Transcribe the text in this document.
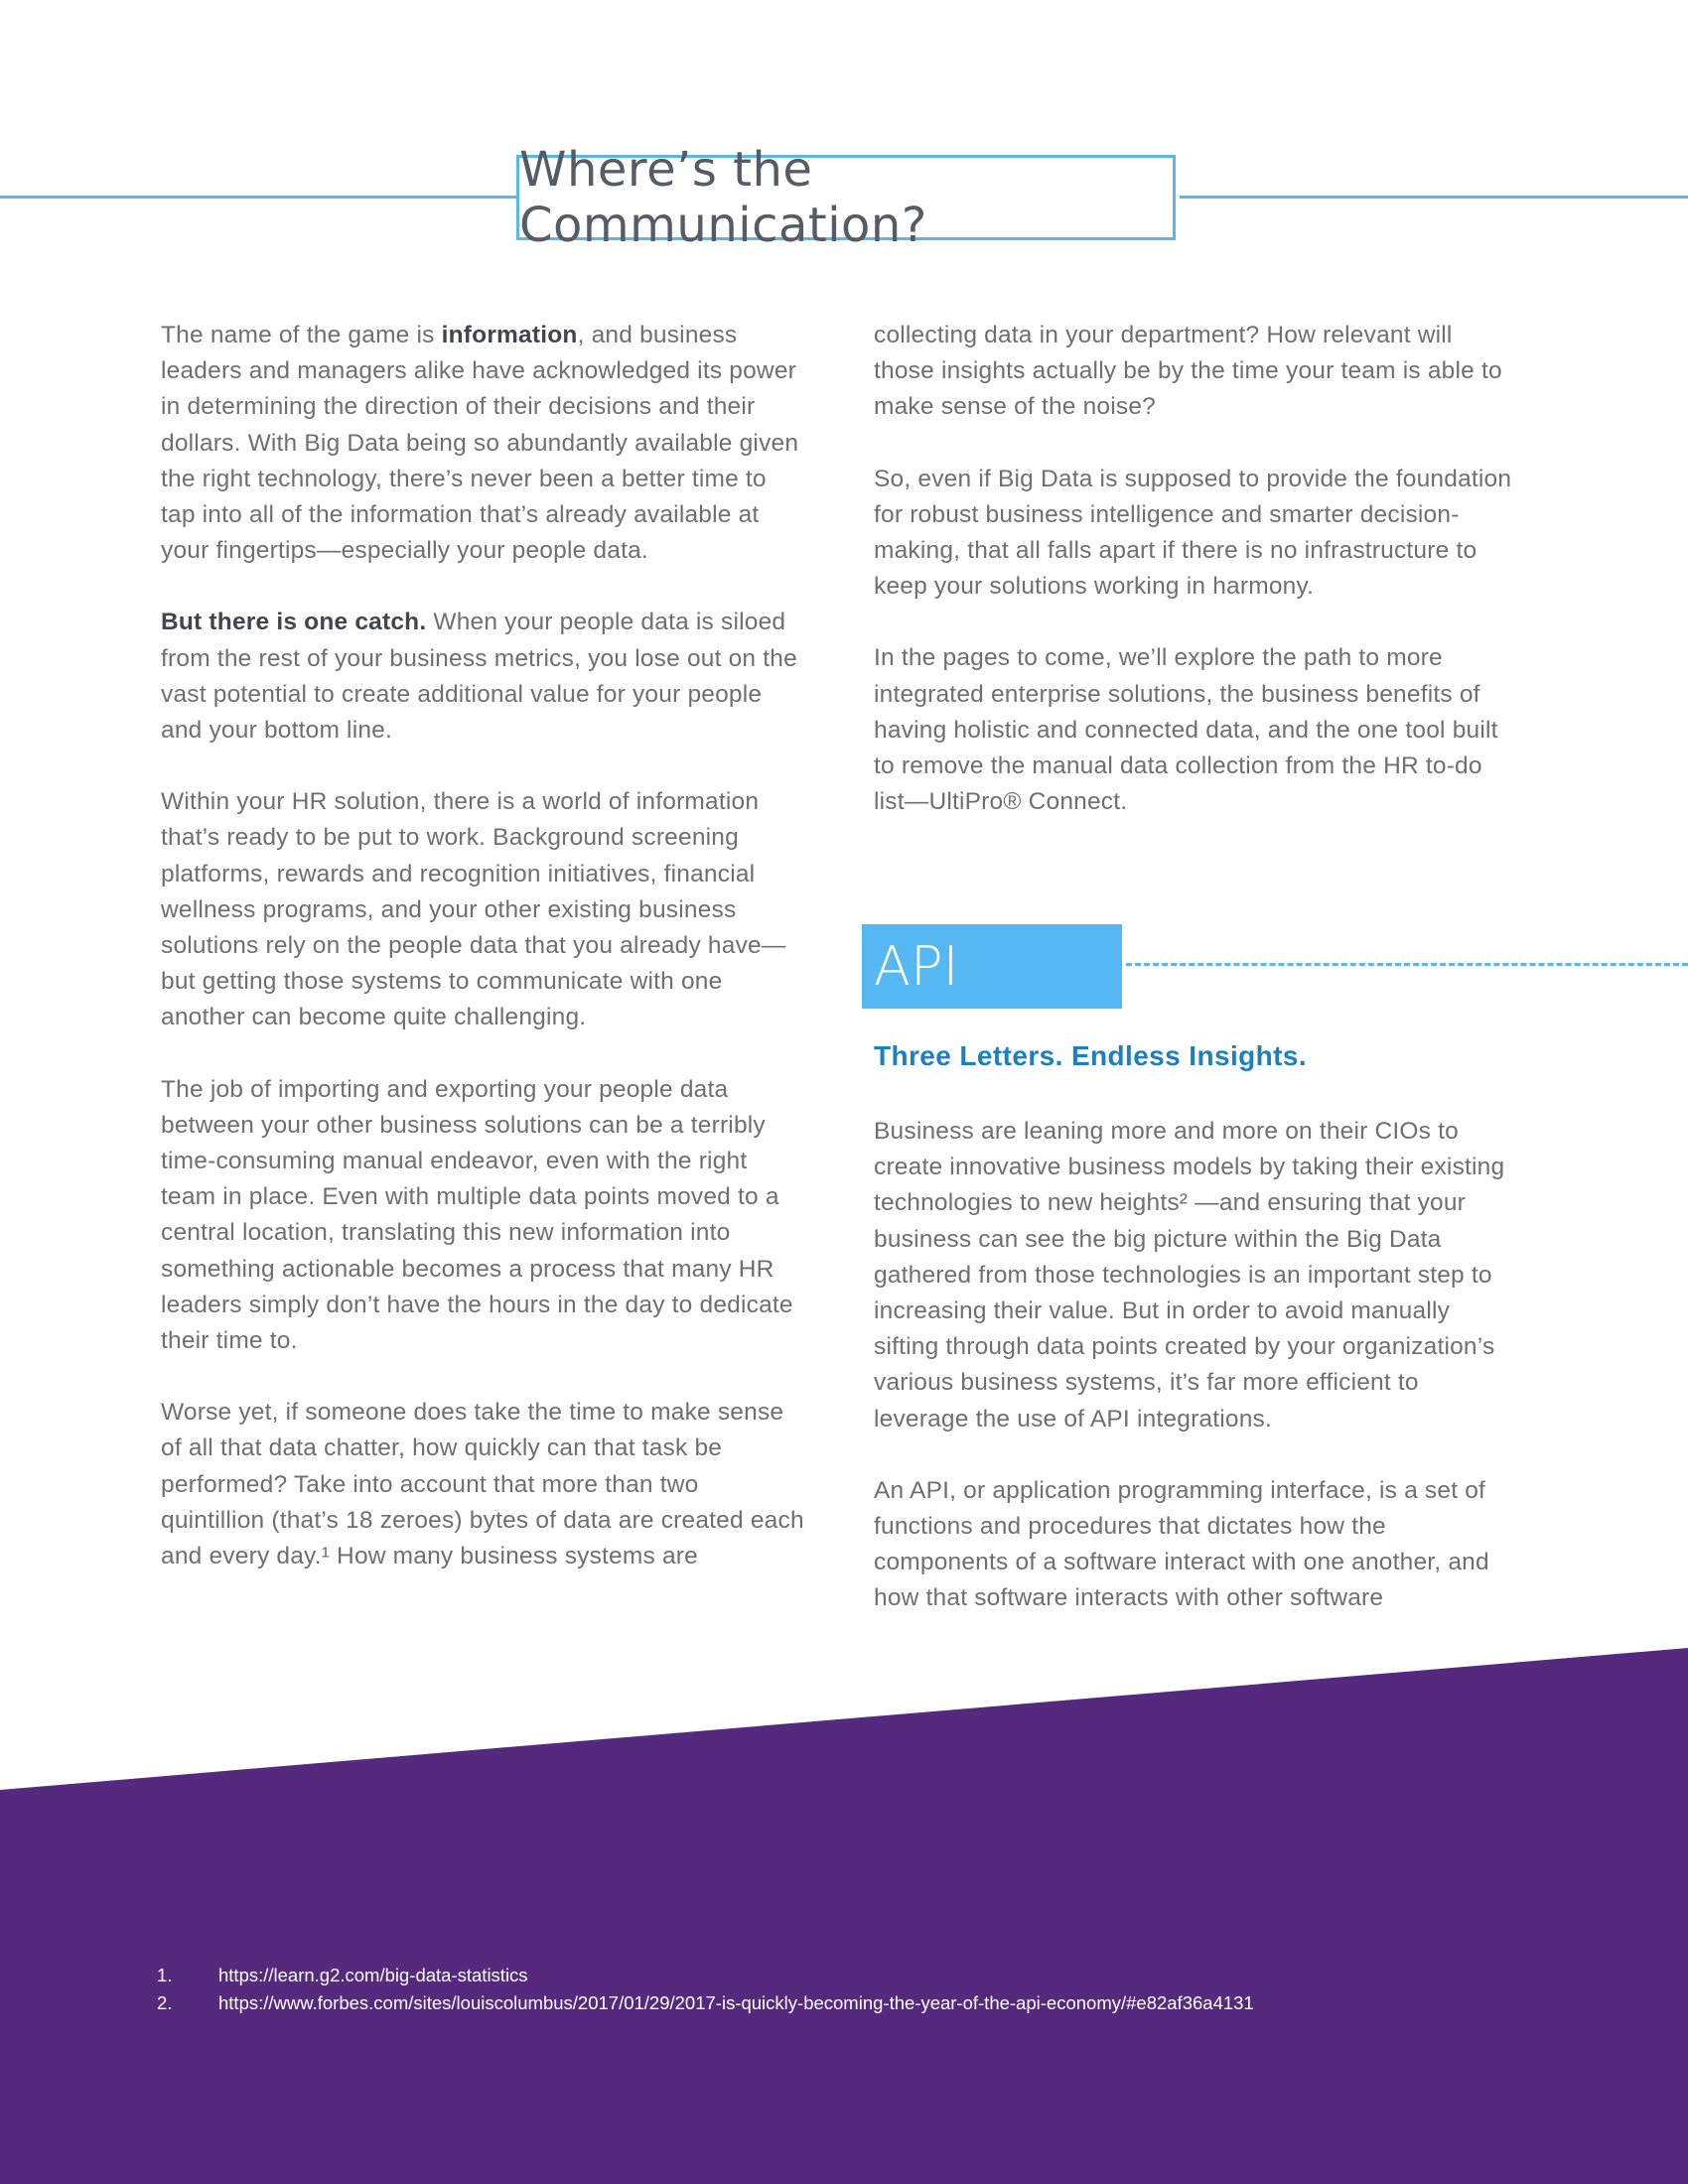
Where’s the Communication?

The name of the game is information, and business leaders and managers alike have acknowledged its power in determining the direction of their decisions and their dollars. With Big Data being so abundantly available given the right technology, there’s never been a better time to tap into all of the information that’s already available at your fingertips—especially your people data.

But there is one catch. When your people data is siloed from the rest of your business metrics, you lose out on the vast potential to create additional value for your people and your bottom line.

Within your HR solution, there is a world of information that’s ready to be put to work. Background screening platforms, rewards and recognition initiatives, financial wellness programs, and your other existing business solutions rely on the people data that you already have—but getting those systems to communicate with one another can become quite challenging.

The job of importing and exporting your people data between your other business solutions can be a terribly time-consuming manual endeavor, even with the right team in place. Even with multiple data points moved to a central location, translating this new information into something actionable becomes a process that many HR leaders simply don’t have the hours in the day to dedicate their time to.

Worse yet, if someone does take the time to make sense of all that data chatter, how quickly can that task be performed? Take into account that more than two quintillion (that’s 18 zeroes) bytes of data are created each and every day.¹ How many business systems are

collecting data in your department? How relevant will those insights actually be by the time your team is able to make sense of the noise?

So, even if Big Data is supposed to provide the foundation for robust business intelligence and smarter decision-making, that all falls apart if there is no infrastructure to keep your solutions working in harmony.

In the pages to come, we’ll explore the path to more integrated enterprise solutions, the business benefits of having holistic and connected data, and the one tool built to remove the manual data collection from the HR to-do list—UltiPro® Connect.

API
Three Letters. Endless Insights.

Business are leaning more and more on their CIOs to create innovative business models by taking their existing technologies to new heights² —and ensuring that your business can see the big picture within the Big Data gathered from those technologies is an important step to increasing their value. But in order to avoid manually sifting through data points created by your organization’s various business systems, it’s far more efficient to leverage the use of API integrations.

An API, or application programming interface, is a set of functions and procedures that dictates how the components of a software interact with one another, and how that software interacts with other software

1.	https://learn.g2.com/big-data-statistics
2.	https://www.forbes.com/sites/louiscolumbus/2017/01/29/2017-is-quickly-becoming-the-year-of-the-api-economy/#e82af36a4131
